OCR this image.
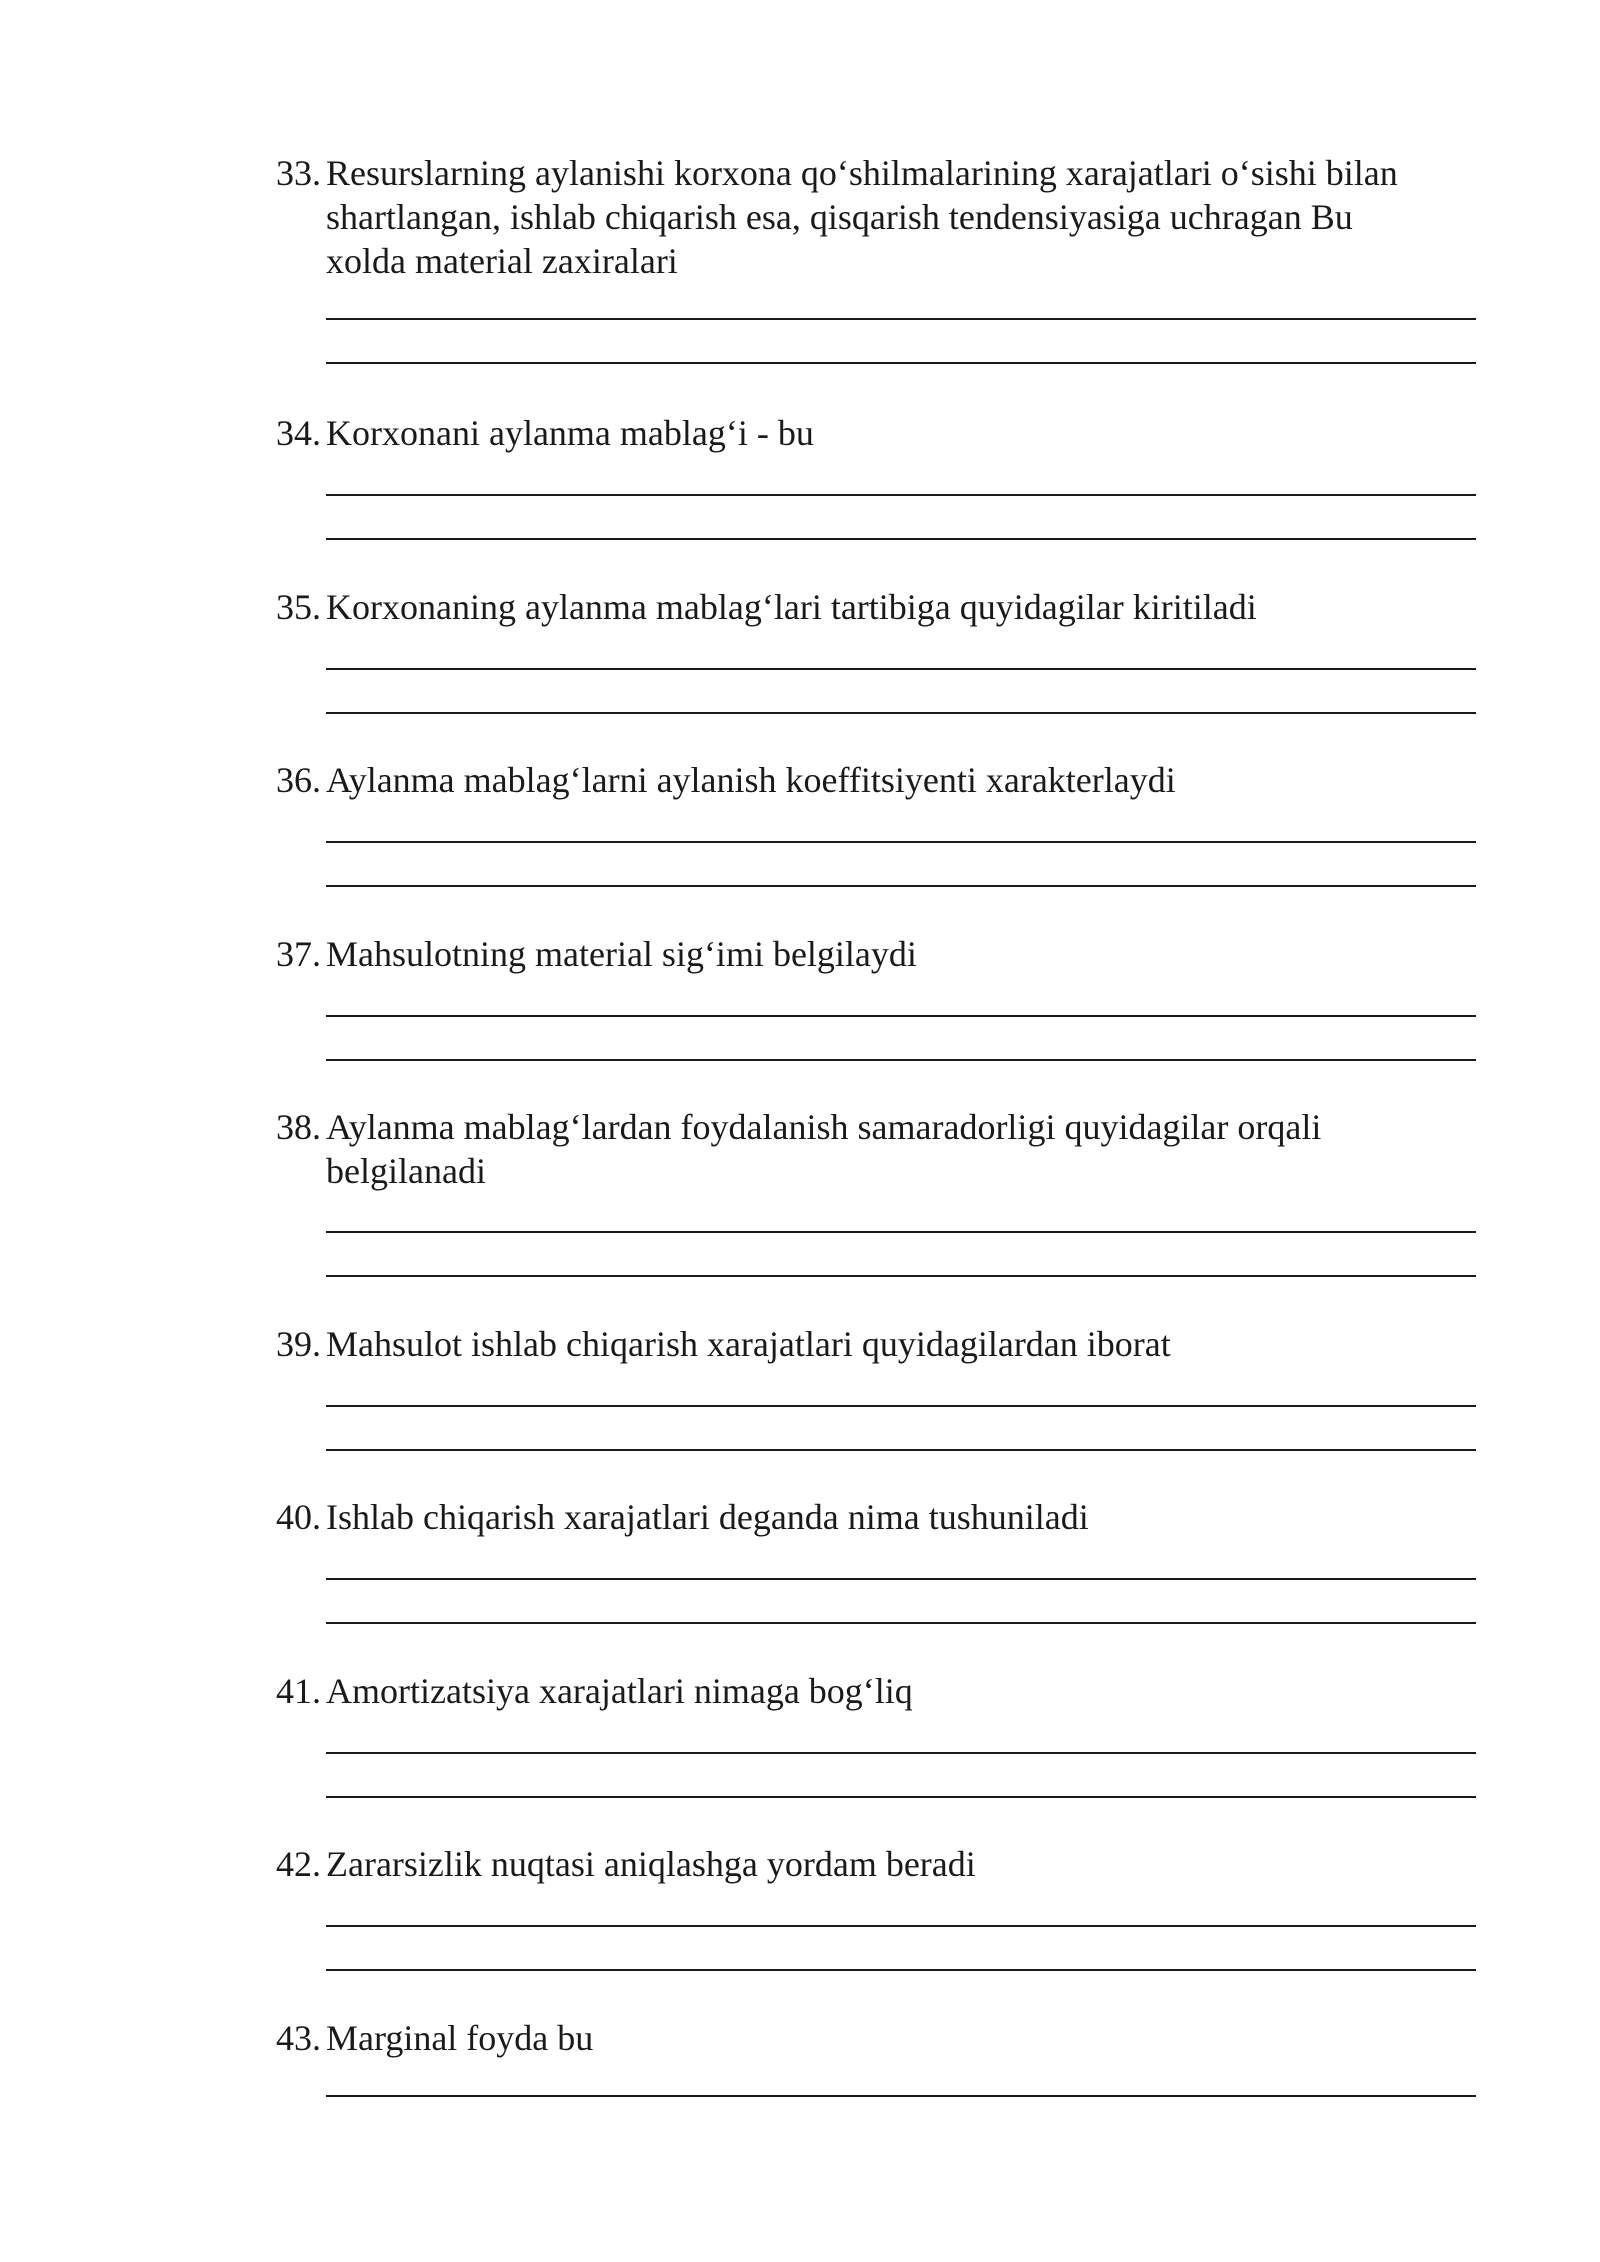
33. Resurslarning aylanishi korxona qo‘shilmalarining xarajatlari o‘sishi bilan shartlangan, ishlab chiqarish esa, qisqarish tendensiyasiga uchragan Bu xolda material zaxiralari
34. Korxonani aylanma mablag‘i - bu
35. Korxonaning aylanma mablag‘lari tartibiga quyidagilar kiritiladi
36. Aylanma mablag‘larni aylanish koeffitsiyenti xarakterlaydi
37. Mahsulotning material sig‘imi belgilaydi
38. Aylanma mablag‘lardan foydalanish samaradorligi quyidagilar orqali belgilanadi
39. Mahsulot ishlab chiqarish xarajatlari quyidagilardan iborat
40. Ishlab chiqarish xarajatlari deganda nima tushuniladi
41. Amortizatsiya xarajatlari nimaga bog‘liq
42. Zararsizlik nuqtasi aniqlashga yordam beradi
43. Marginal foyda bu
